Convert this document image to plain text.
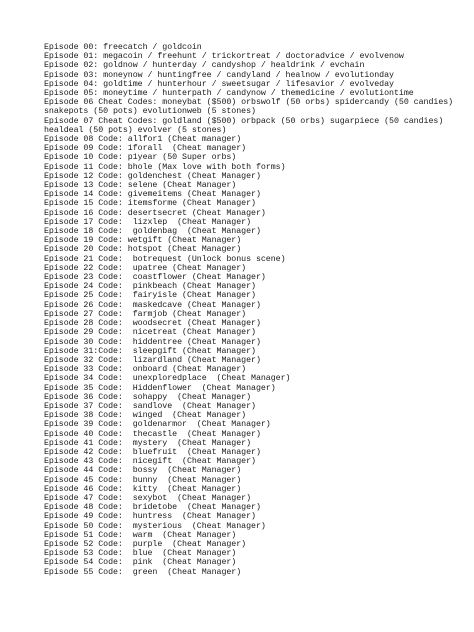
Episode 00: freecatch / goldcoin
Episode 01: megacoin / freehunt / trickortreat / doctoradvice / evolvenow
Episode 02: goldnow / hunterday / candyshop / healdrink / evchain
Episode 03: moneynow / huntingfree / candyland / healnow / evolutionday
Episode 04: goldtime / hunterhour / sweetsugar / lifesavior / evolveday
Episode 05: moneytime / hunterpath / candynow / themedicine / evolutiontime
Episode 06 Cheat Codes: moneybat ($500) orbswolf (50 orbs) spidercandy (50 candies)
snakepots (50 pots) evolutionweb (5 stones)
Episode 07 Cheat Codes: goldland ($500) orbpack (50 orbs) sugarpiece (50 candies)
healdeal (50 pots) evolver (5 stones)
Episode 08 Code: allfor1 (Cheat manager)
Episode 09 Code: 1forall  (Cheat manager)
Episode 10 Code: p1year (50 Super orbs)
Episode 11 Code: bhole (Max love with both forms)
Episode 12 Code: goldenchest (Cheat Manager)
Episode 13 Code: selene (Cheat Manager)
Episode 14 Code: givemeitems (Cheat Manager)
Episode 15 Code: itemsforme (Cheat Manager)
Episode 16 Code: desertsecret (Cheat Manager)
Episode 17 Code:  lizxlep  (Cheat Manager)
Episode 18 Code:  goldenbag  (Cheat Manager)
Episode 19 Code: wetgift (Cheat Manager)
Episode 20 Code: hotspot (Cheat Manager)
Episode 21 Code:  botrequest (Unlock bonus scene)
Episode 22 Code:  upatree (Cheat Manager)
Episode 23 Code:  coastflower (Cheat Manager)
Episode 24 Code:  pinkbeach (Cheat Manager)
Episode 25 Code:  fairyisle (Cheat Manager)
Episode 26 Code:  maskedcave (Cheat Manager)
Episode 27 Code:  farmjob (Cheat Manager)
Episode 28 Code:  woodsecret (Cheat Manager)
Episode 29 Code:  nicetreat (Cheat Manager)
Episode 30 Code:  hiddentree (Cheat Manager)
Episode 31:Code:  sleepgift (Cheat Manager)
Episode 32 Code:  lizardland (Cheat Manager)
Episode 33 Code:  onboard (Cheat Manager)
Episode 34 Code:  unexploredplace  (Cheat Manager)
Episode 35 Code:  Hiddenflower  (Cheat Manager)
Episode 36 Code:  sohappy  (Cheat Manager)
Episode 37 Code:  sandlove  (Cheat Manager)
Episode 38 Code:  winged  (Cheat Manager)
Episode 39 Code:  goldenarmor  (Cheat Manager)
Episode 40 Code:  thecastle  (Cheat Manager)
Episode 41 Code:  mystery  (Cheat Manager)
Episode 42 Code:  bluefruit  (Cheat Manager)
Episode 43 Code:  nicegift  (Cheat Manager)
Episode 44 Code:  bossy  (Cheat Manager)
Episode 45 Code:  bunny  (Cheat Manager)
Episode 46 Code:  kitty  (Cheat Manager)
Episode 47 Code:  sexybot  (Cheat Manager)
Episode 48 Code:  bridetobe  (Cheat Manager)
Episode 49 Code:  huntress  (Cheat Manager)
Episode 50 Code:  mysterious  (Cheat Manager)
Episode 51 Code:  warm  (Cheat Manager)
Episode 52 Code:  purple  (Cheat Manager)
Episode 53 Code:  blue  (Cheat Manager)
Episode 54 Code:  pink  (Cheat Manager)
Episode 55 Code:  green  (Cheat Manager)
